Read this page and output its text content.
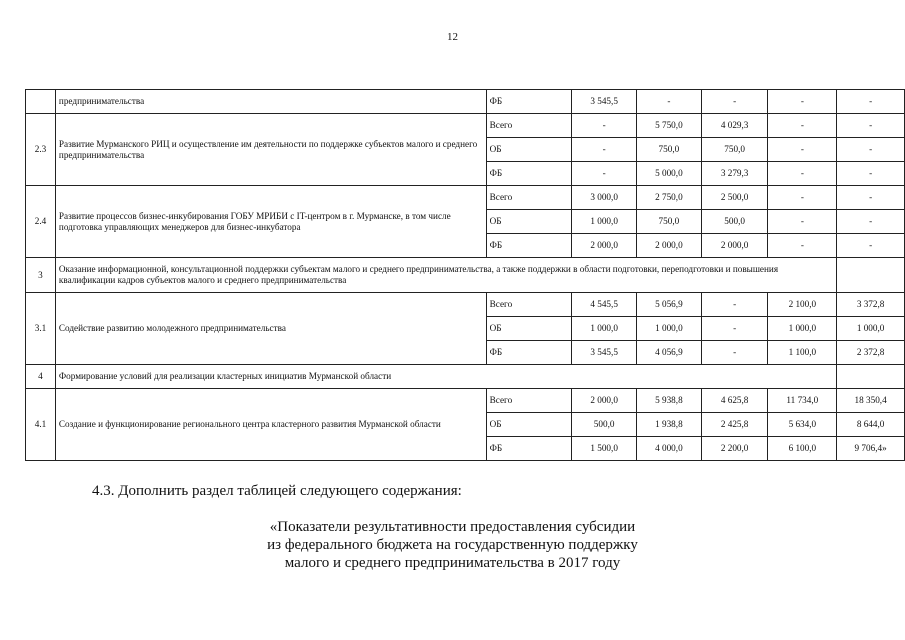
12
	предпринимательства	ФБ	3 545,5	-	-	-	-
2.3	Развитие Мурманского РИЦ и осуществление им деятельности по поддержке субъектов малого и среднего предпринимательства	Всего	-	5 750,0	4 029,3	-	-
		ОБ	-	750,0	750,0	-	-
		ФБ	-	5 000,0	3 279,3	-	-
2.4	Развитие процессов бизнес-инкубирования ГОБУ МРИБИ с IT-центром в г. Мурманске, в том числе подготовка управляющих менеджеров для бизнес-инкубатора	Всего	3 000,0	2 750,0	2 500,0	-	-
		ОБ	1 000,0	750,0	500,0	-	-
		ФБ	2 000,0	2 000,0	2 000,0	-	-
3	Оказание информационной, консультационной поддержки субъектам малого и среднего предпринимательства, а также поддержки в области подготовки, переподготовки и повышения квалификации кадров субъектов малого и среднего предпринимательства						
3.1	Содействие развитию молодежного предпринимательства	Всего	4 545,5	5 056,9	-	2 100,0	3 372,8
		ОБ	1 000,0	1 000,0	-	1 000,0	1 000,0
		ФБ	3 545,5	4 056,9	-	1 100,0	2 372,8
4	Формирование условий для реализации кластерных инициатив Мурманской области						
4.1	Создание и функционирование регионального центра кластерного развития Мурманской области	Всего	2 000,0	5 938,8	4 625,8	11 734,0	18 350,4
		ОБ	500,0	1 938,8	2 425,8	5 634,0	8 644,0
		ФБ	1 500,0	4 000,0	2 200,0	6 100,0	9 706,4»
4.3. Дополнить раздел таблицей следующего содержания:
«Показатели результативности предоставления субсидии
из федерального бюджета на государственную поддержку
малого и среднего предпринимательства в 2017 году
